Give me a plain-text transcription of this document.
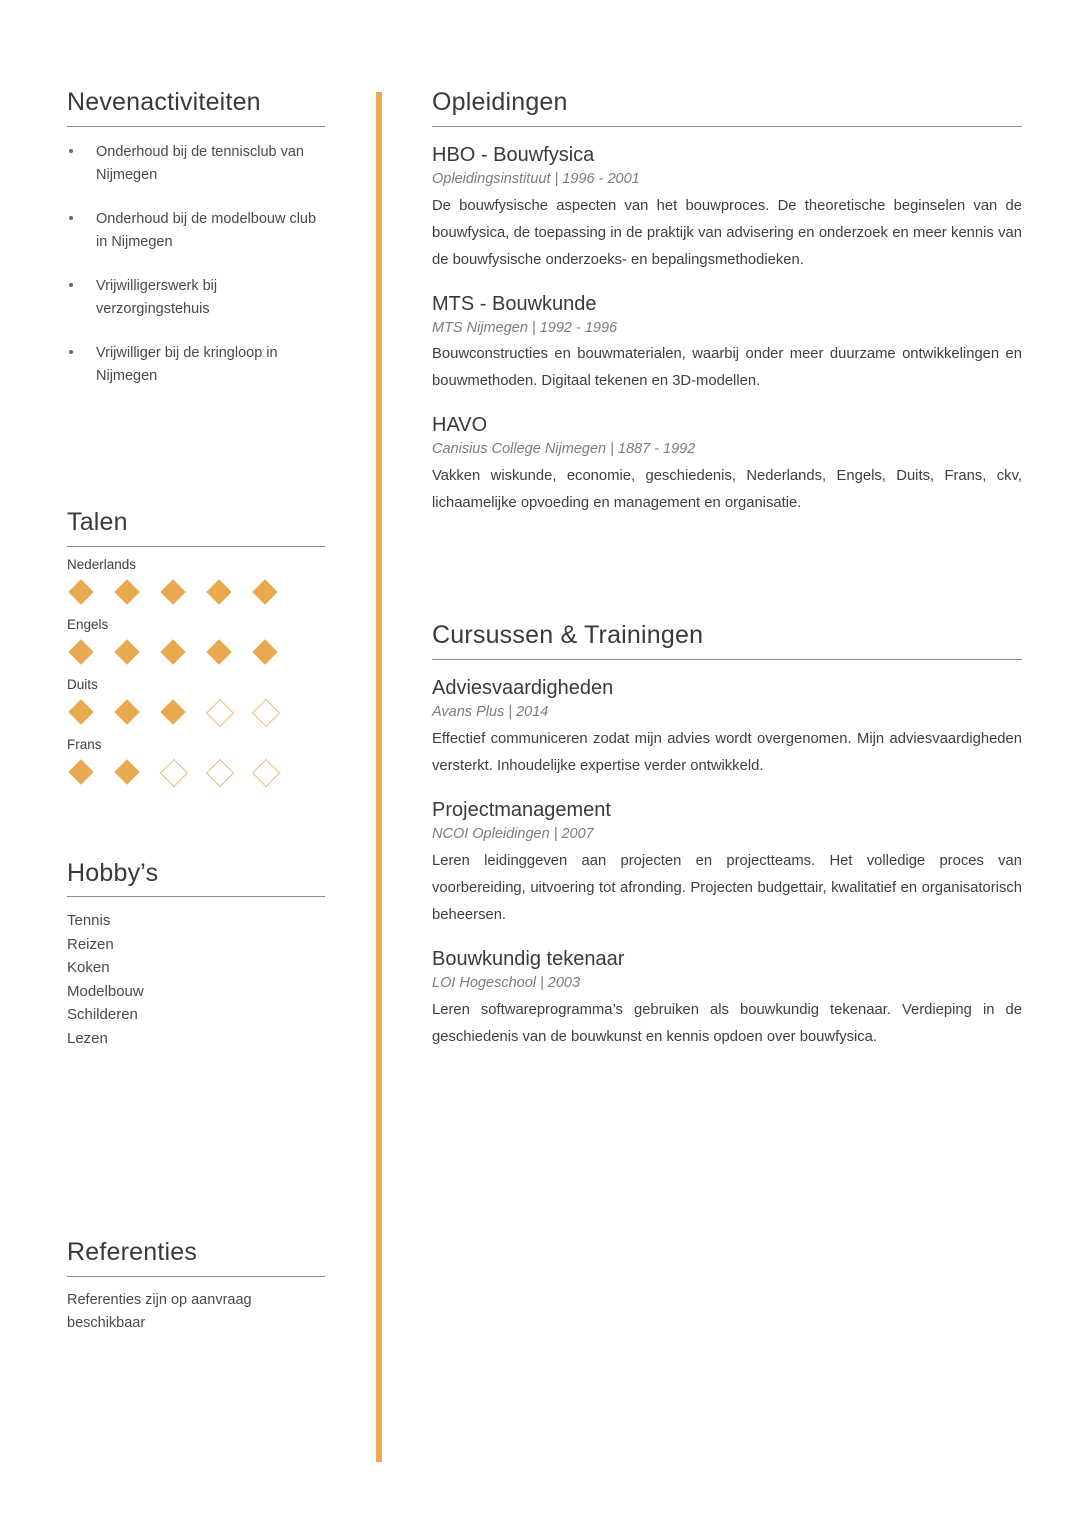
Nevenactiviteiten
Onderhoud bij de tennisclub van Nijmegen
Onderhoud bij de modelbouw club in Nijmegen
Vrijwilligerswerk bij verzorgingstehuis
Vrijwilliger bij de kringloop in Nijmegen
Talen
Nederlands
Engels
Duits
Frans
Hobby’s
Tennis
Reizen
Koken
Modelbouw
Schilderen
Lezen
Referenties

Referenties zijn op aanvraag beschikbaar

Opleidingen
HBO - Bouwfysica
Opleidingsinstituut | 1996 - 2001

De bouwfysische aspecten van het bouwproces. De theoretische beginselen van de bouwfysica, de toepassing in de praktijk van advisering en onderzoek en meer kennis van de bouwfysische onderzoeks- en bepalingsmethodieken.

MTS - Bouwkunde
MTS Nijmegen | 1992 - 1996

Bouwconstructies en bouwmaterialen, waarbij onder meer duurzame ontwikkelingen en bouwmethoden. Digitaal tekenen en 3D-modellen.

HAVO
Canisius College Nijmegen | 1887 - 1992

Vakken wiskunde, economie, geschiedenis, Nederlands, Engels, Duits, Frans, ckv, lichaamelijke opvoeding en management en organisatie.

Cursussen & Trainingen
Adviesvaardigheden
Avans Plus | 2014

Effectief communiceren zodat mijn advies wordt overgenomen. Mijn adviesvaardigheden versterkt. Inhoudelijke expertise verder ontwikkeld.

Projectmanagement
NCOI Opleidingen | 2007

Leren leidinggeven aan projecten en projectteams. Het volledige proces van voorbereiding, uitvoering tot afronding. Projecten budgettair, kwalitatief en organisatorisch beheersen.

Bouwkundig tekenaar
LOI Hogeschool | 2003

Leren softwareprogramma’s gebruiken als bouwkundig tekenaar. Verdieping in de geschiedenis van de bouwkunst en kennis opdoen over bouwfysica.
